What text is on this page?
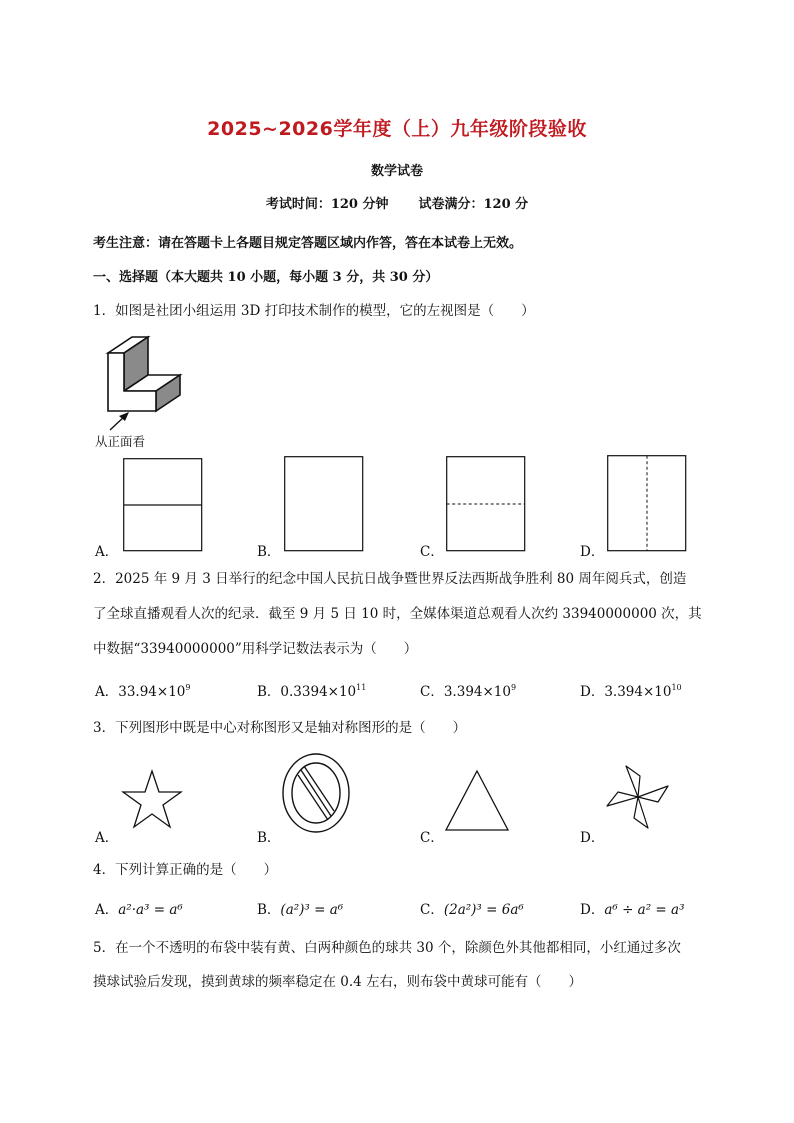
2025~2026学年度（上）九年级阶段验收
数学试卷
考试时间：120 分钟 试卷满分：120 分
考生注意：请在答题卡上各题目规定答题区域内作答，答在本试卷上无效。
一、选择题（本大题共 10 小题，每小题 3 分，共 30 分）
1．如图是社团小组运用 3D 打印技术制作的模型，它的左视图是（　　）
从正面看
A．	B．	C．	D．
2．2025 年 9 月 3 日举行的纪念中国人民抗日战争暨世界反法西斯战争胜利 80 周年阅兵式，创造
了全球直播观看人次的纪录．截至 9 月 5 日 10 时，全媒体渠道总观看人次约 33940000000 次，其
中数据“33940000000”用科学记数法表示为（　　）
A．$33.94\times 10^9$	B．$0.3394\times 10^{11}$	C．$3.394\times 10^9$	D．$3.394\times 10^{10}$
3．下列图形中既是中心对称图形又是轴对称图形的是（　　）
A．	B．	C．	D．
4．下列计算正确的是（　　）
A．a²·a³ = a⁶	B．(a²)³ = a⁶	C．(2a²)³ = 6a⁶	D．a⁶ ÷ a² = a³
5．在一个不透明的布袋中装有黄、白两种颜色的球共 30 个，除颜色外其他都相同，小红通过多次
摸球试验后发现，摸到黄球的频率稳定在 0.4 左右，则布袋中黄球可能有（　　）
